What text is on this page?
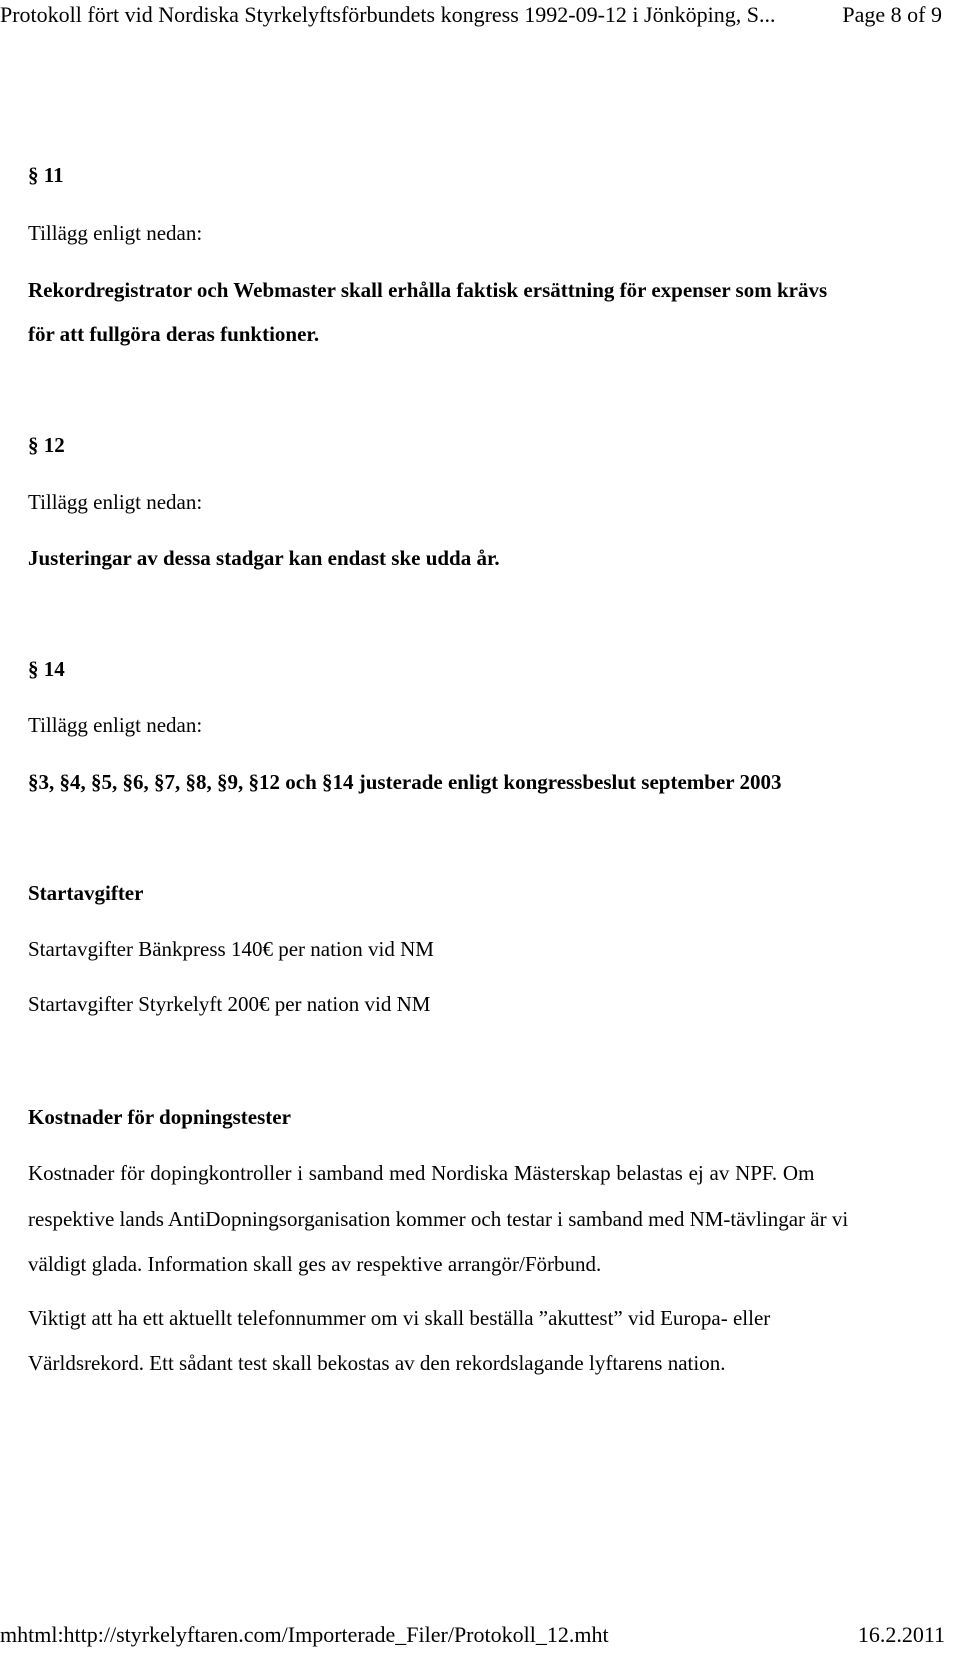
Protokoll fört vid Nordiska Styrkelyftsförbundets kongress 1992-09-12 i Jönköping, S...	Page 8 of 9
§ 11
Tillägg enligt nedan:
Rekordregistrator och Webmaster skall erhålla faktisk ersättning för expenser som krävs
för att fullgöra deras funktioner.
§ 12
Tillägg enligt nedan:
Justeringar av dessa stadgar kan endast ske udda år.
§ 14
Tillägg enligt nedan:
§3, §4, §5, §6, §7, §8, §9, §12 och §14 justerade enligt kongressbeslut september 2003
Startavgifter
Startavgifter Bänkpress 140€ per nation vid NM
Startavgifter Styrkelyft 200€ per nation vid NM
Kostnader för dopningstester
Kostnader för dopingkontroller i samband med Nordiska Mästerskap belastas ej av NPF. Om
respektive lands AntiDopningsorganisation kommer och testar i samband med NM-tävlingar är vi
väldigt glada. Information skall ges av respektive arrangör/Förbund.
Viktigt att ha ett aktuellt telefonnummer om vi skall beställa ”akuttest” vid Europa- eller
Världsrekord. Ett sådant test skall bekostas av den rekordslagande lyftarens nation.
mhtml:http://styrkelyftaren.com/Importerade_Filer/Protokoll_12.mht	16.2.2011
